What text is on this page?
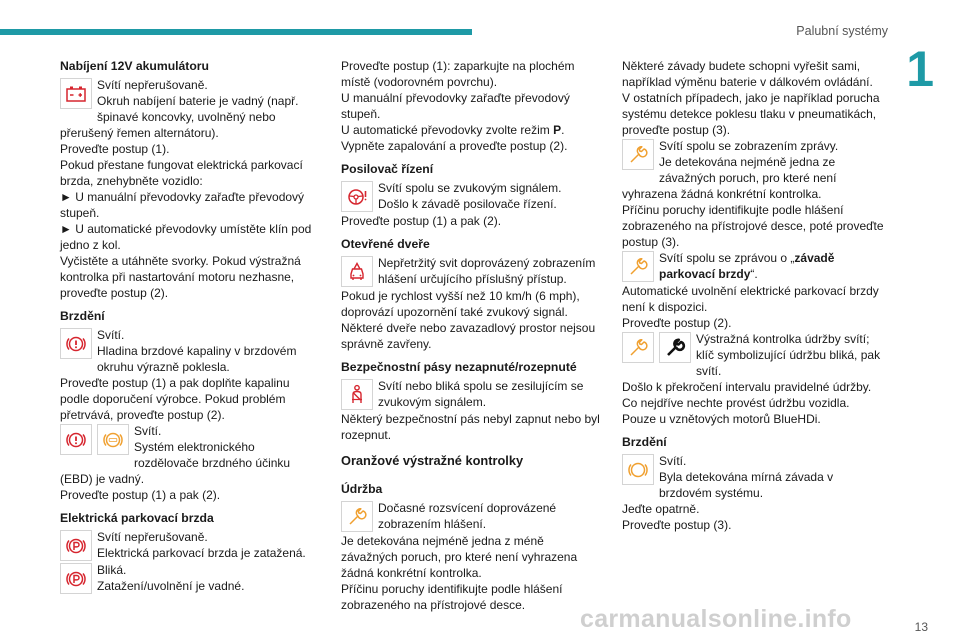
Palubní systémy
1
Nabíjení 12V akumulátoru
Svítí nepřerušovaně.
Okruh nabíjení baterie je vadný (např. špinavé koncovky, uvolněný nebo přerušený řemen alternátoru).
Proveďte postup (1).
Pokud přestane fungovat elektrická parkovací brzda, znehybněte vozidlo:
► U manuální převodovky zařaďte převodový stupeň.
► U automatické převodovky umístěte klín pod jedno z kol.
Vyčistěte a utáhněte svorky. Pokud výstražná kontrolka při nastartování motoru nezhasne, proveďte postup (2).
Brzdění
Svítí.
Hladina brzdové kapaliny v brzdovém okruhu výrazně poklesla.
Proveďte postup (1) a pak doplňte kapalinu podle doporučení výrobce. Pokud problém přetrvává, proveďte postup (2).
Svítí.
Systém elektronického rozdělovače brzdného účinku (EBD) je vadný.
Proveďte postup (1) a pak (2).
Elektrická parkovací brzda
Svítí nepřerušovaně.
Elektrická parkovací brzda je zatažená.
Bliká.
Zatažení/uvolnění je vadné.
Proveďte postup (1): zaparkujte na plochém místě (vodorovném povrchu).
U manuální převodovky zařaďte převodový stupeň.
U automatické převodovky zvolte režim P.
Vypněte zapalování a proveďte postup (2).
Posilovač řízení
Svítí spolu se zvukovým signálem.
Došlo k závadě posilovače řízení.
Proveďte postup (1) a pak (2).
Otevřené dveře
Nepřetržitý svit doprovázený zobrazením hlášení určujícího příslušný přístup.
Pokud je rychlost vyšší než 10 km/h (6 mph), doprovází upozornění také zvukový signál.
Některé dveře nebo zavazadlový prostor nejsou správně zavřeny.
Bezpečnostní pásy nezapnuté/rozepnuté
Svítí nebo bliká spolu se zesilujícím se zvukovým signálem.
Některý bezpečnostní pás nebyl zapnut nebo byl rozepnut.
Oranžové výstražné kontrolky
Údržba
Dočasné rozsvícení doprovázené zobrazením hlášení.
Je detekována nejméně jedna z méně závažných poruch, pro které není vyhrazena žádná konkrétní kontrolka.
Příčinu poruchy identifikujte podle hlášení zobrazeného na přístrojové desce.
Některé závady budete schopni vyřešit sami, například výměnu baterie v dálkovém ovládání.
V ostatních případech, jako je například porucha systému detekce poklesu tlaku v pneumatikách, proveďte postup (3).
Svítí spolu se zobrazením zprávy.
Je detekována nejméně jedna ze závažných poruch, pro které není vyhrazena žádná konkrétní kontrolka.
Příčinu poruchy identifikujte podle hlášení zobrazeného na přístrojové desce, poté proveďte postup (3).
Svítí spolu se zprávou o „závadě parkovací brzdy“.
Automatické uvolnění elektrické parkovací brzdy není k dispozici.
Proveďte postup (2).
Výstražná kontrolka údržby svítí; klíč symbolizující údržbu bliká, pak svítí.
Došlo k překročení intervalu pravidelné údržby.
Co nejdříve nechte provést údržbu vozidla.
Pouze u vznětových motorů BlueHDi.
Brzdění
Svítí.
Byla detekována mírná závada v brzdovém systému.
Jeďte opatrně.
Proveďte postup (3).
carmanualsonline.info	13
